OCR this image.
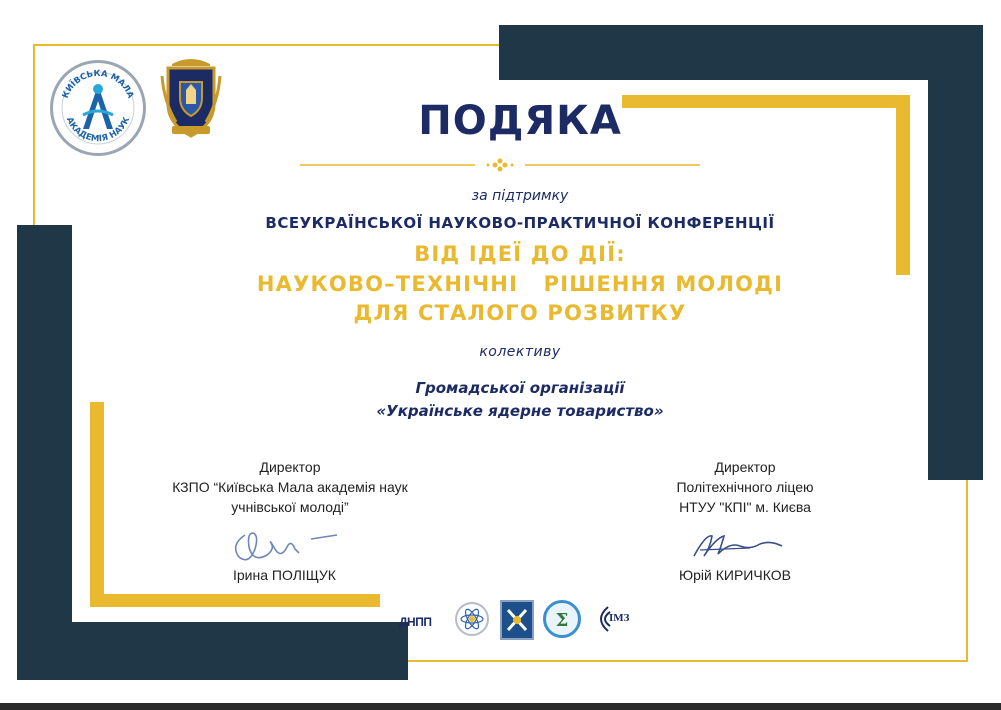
КИЇВСЬКА МАЛА
АКАДЕМІЯ НАУК	ПОДЯКА
за підтримку
ВСЕУКРАЇНСЬКОЇ НАУКОВО-ПРАКТИЧНОЇ КОНФЕРЕНЦІЇ
ВІД ІДЕЇ ДО ДІЇ:
НАУКОВО–ТЕХНІЧНІ   РІШЕННЯ МОЛОДІ
ДЛЯ СТАЛОГО РОЗВИТКУ
колективу
Громадської організації
«Українське ядерне товариство»
Директор
КЗПО “Київська Мала академія наук
учнівської молоді”
Ірина ПОЛІЩУК
Директор
Політехнічного ліцею
НТУУ "КПІ" м. Києва
Юрій КИРИЧКОВ
ДНПП	Σ	ІМЗ
